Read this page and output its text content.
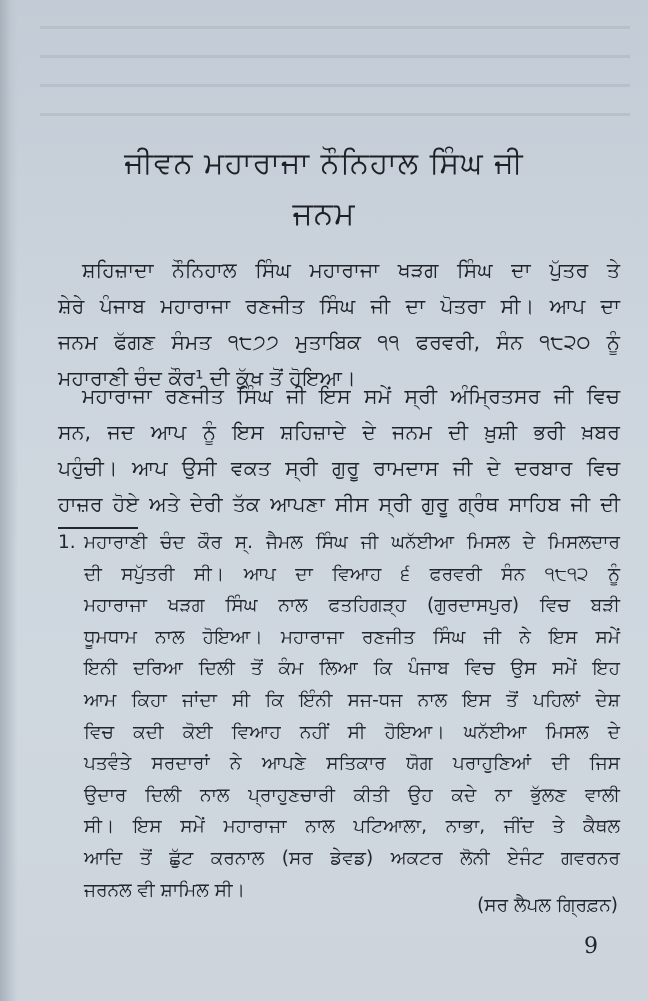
ਜੀਵਨ ਮਹਾਰਾਜਾ ਨੌਨਿਹਾਲ ਸਿੰਘ ਜੀ
ਜਨਮ
ਸ਼ਹਿਜ਼ਾਦਾ ਨੌਨਿਹਾਲ ਸਿੰਘ ਮਹਾਰਾਜਾ ਖੜਗ ਸਿੰਘ ਦਾ ਪੁੱਤਰ ਤੇ
ਸ਼ੇਰੇ ਪੰਜਾਬ ਮਹਾਰਾਜਾ ਰਣਜੀਤ ਸਿੰਘ ਜੀ ਦਾ ਪੋਤਰਾ ਸੀ। ਆਪ ਦਾ
ਜਨਮ ਫੱਗਣ ਸੰਮਤ ੧੮੭੭ ਮੁਤਾਬਿਕ ੧੧ ਫਰਵਰੀ, ਸੰਨ ੧੮੨੦ ਨੂੰ
ਮਹਾਰਾਣੀ ਚੰਦ ਕੌਰ¹ ਦੀ ਕੁੱਖ ਤੋਂ ਹੋਇਆ।
ਮਹਾਰਾਜਾ ਰਣਜੀਤ ਸਿੰਘ ਜੀ ਇਸ ਸਮੇਂ ਸ੍ਰੀ ਅੰਮ੍ਰਿਤਸਰ ਜੀ ਵਿਚ
ਸਨ, ਜਦ ਆਪ ਨੂੰ ਇਸ ਸ਼ਹਿਜ਼ਾਦੇ ਦੇ ਜਨਮ ਦੀ ਖ਼ੁਸ਼ੀ ਭਰੀ ਖ਼ਬਰ
ਪਹੁੰਚੀ। ਆਪ ਉਸੀ ਵਕਤ ਸ੍ਰੀ ਗੁਰੂ ਰਾਮਦਾਸ ਜੀ ਦੇ ਦਰਬਾਰ ਵਿਚ
ਹਾਜ਼ਰ ਹੋਏ ਅਤੇ ਦੇਰੀ ਤੱਕ ਆਪਣਾ ਸੀਸ ਸ੍ਰੀ ਗੁਰੂ ਗ੍ਰੰਥ ਸਾਹਿਬ ਜੀ ਦੀ
1. ਮਹਾਰਾਣੀ ਚੰਦ ਕੌਰ ਸ੍. ਜੈਮਲ ਸਿੰਘ ਜੀ ਘਨੱਈਆ ਮਿਸਲ ਦੇ ਮਿਸਲਦਾਰ
ਦੀ ਸਪੁੱਤਰੀ ਸੀ। ਆਪ ਦਾ ਵਿਆਹ ੬ ਫਰਵਰੀ ਸੰਨ ੧੮੧੨ ਨੂੰ
ਮਹਾਰਾਜਾ ਖੜਗ ਸਿੰਘ ਨਾਲ ਫਤਹਿਗੜ੍ਹ (ਗੁਰਦਾਸਪੁਰ) ਵਿਚ ਬੜੀ
ਧੂਮਧਾਮ ਨਾਲ ਹੋਇਆ। ਮਹਾਰਾਜਾ ਰਣਜੀਤ ਸਿੰਘ ਜੀ ਨੇ ਇਸ ਸਮੇਂ
ਇਨੀ ਦਰਿਆ ਦਿਲੀ ਤੋਂ ਕੰਮ ਲਿਆ ਕਿ ਪੰਜਾਬ ਵਿਚ ਉਸ ਸਮੇਂ ਇਹ
ਆਮ ਕਿਹਾ ਜਾਂਦਾ ਸੀ ਕਿ ਇੰਨੀ ਸਜ-ਧਜ ਨਾਲ ਇਸ ਤੋਂ ਪਹਿਲਾਂ ਦੇਸ਼
ਵਿਚ ਕਦੀ ਕੋਈ ਵਿਆਹ ਨਹੀਂ ਸੀ ਹੋਇਆ। ਘਨੱਈਆ ਮਿਸਲ ਦੇ
ਪਤਵੰਤੇ ਸਰਦਾਰਾਂ ਨੇ ਆਪਣੇ ਸਤਿਕਾਰ ਯੋਗ ਪਰਾਹੁਣਿਆਂ ਦੀ ਜਿਸ
ਉਦਾਰ ਦਿਲੀ ਨਾਲ ਪ੍ਰਾਹੁਣਚਾਰੀ ਕੀਤੀ ਉਹ ਕਦੇ ਨਾ ਭੁੱਲਣ ਵਾਲੀ
ਸੀ। ਇਸ ਸਮੇਂ ਮਹਾਰਾਜਾ ਨਾਲ ਪਟਿਆਲਾ, ਨਾਭਾ, ਜੀਂਦ ਤੇ ਕੈਥਲ
ਆਦਿ ਤੋਂ ਛੁੱਟ ਕਰਨਾਲ (ਸਰ ਡੇਵਡ) ਅਕਟਰ ਲੋਨੀ ਏਜੰਟ ਗਵਰਨਰ
ਜਰਨਲ ਵੀ ਸ਼ਾਮਿਲ ਸੀ।
(ਸਰ ਲੈਪਲ ਗ੍ਰਿਫ਼ਨ)
9
